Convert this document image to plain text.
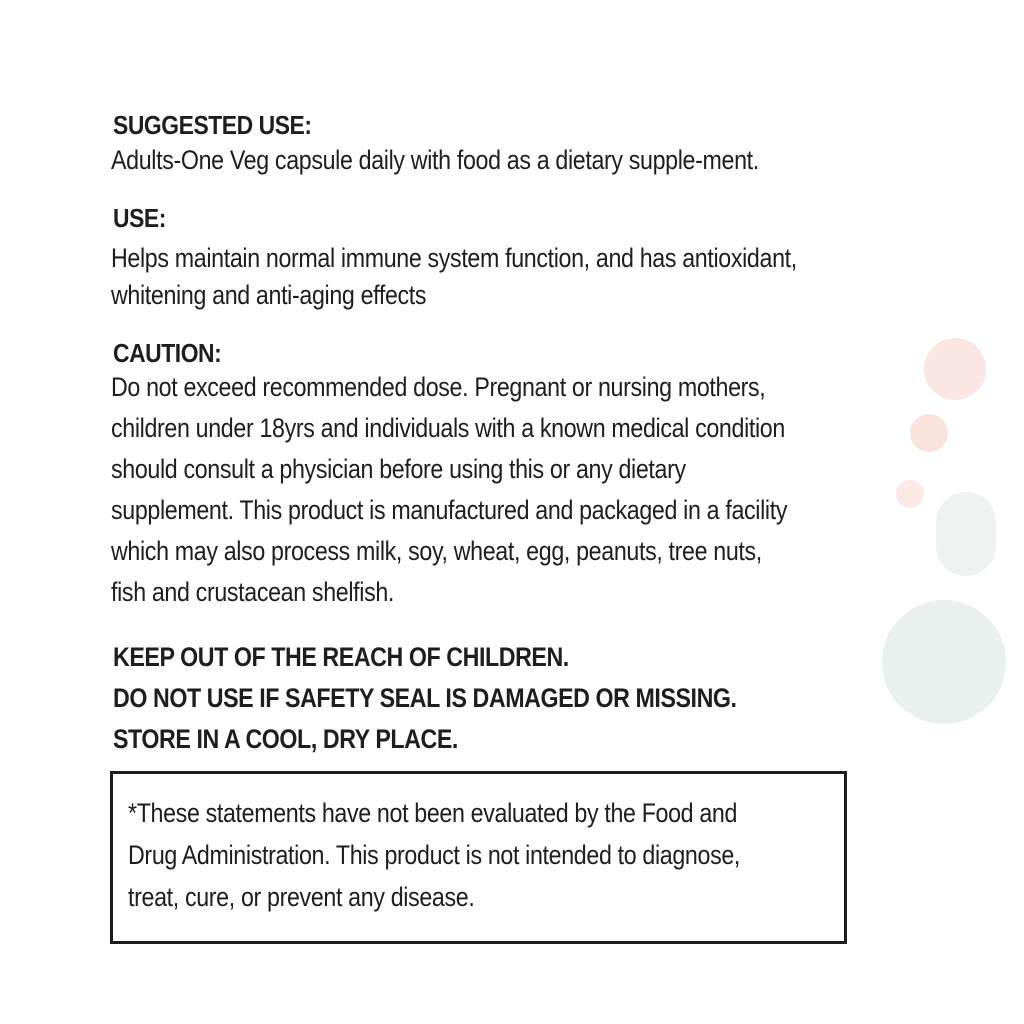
SUGGESTED USE:

Adults-One Veg capsule daily with food as a dietary supple-ment.

USE:

Helps maintain normal immune system function, and has antioxidant,
whitening and anti-aging effects

CAUTION:

Do not exceed recommended dose. Pregnant or nursing mothers,
children under 18yrs and individuals with a known medical condition
should consult a physician before using this or any dietary
supplement. This product is manufactured and packaged in a facility
which may also process milk, soy, wheat, egg, peanuts, tree nuts,
fish and crustacean shelfish.

KEEP OUT OF THE REACH OF CHILDREN.
DO NOT USE IF SAFETY SEAL IS DAMAGED OR MISSING.
STORE IN A COOL, DRY PLACE.

*These statements have not been evaluated by the Food and
Drug Administration. This product is not intended to diagnose,
treat, cure, or prevent any disease.
